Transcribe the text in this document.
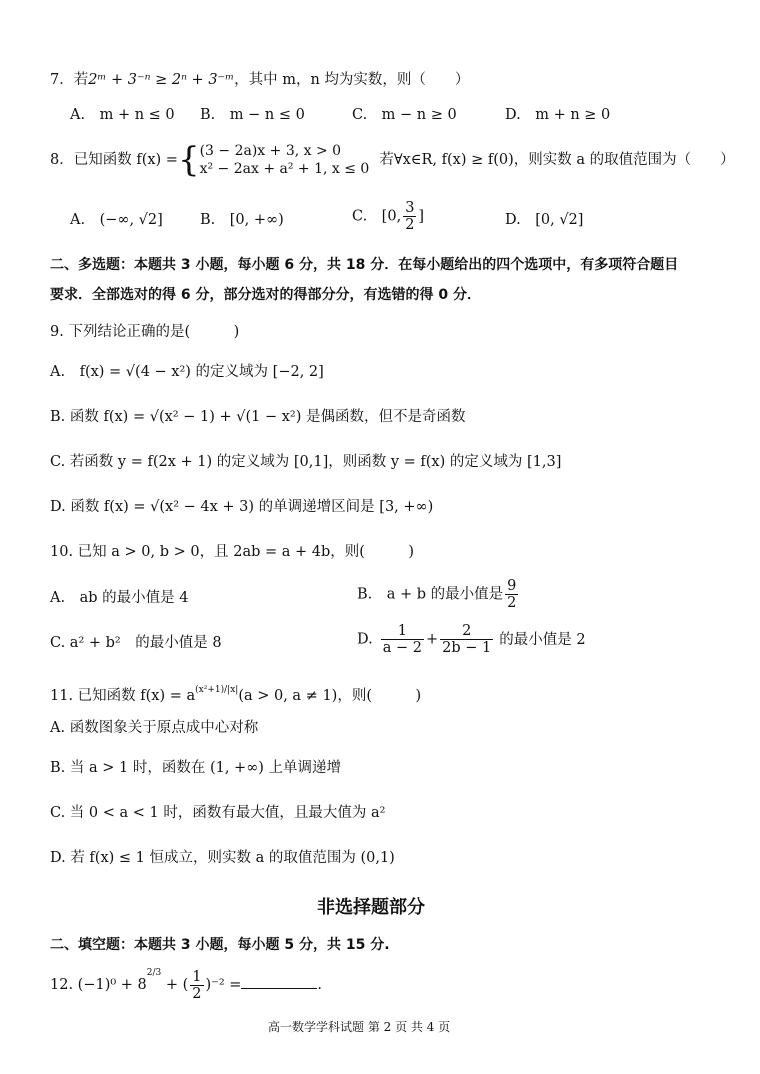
7．若2ᵐ + 3⁻ⁿ ≥ 2ⁿ + 3⁻ᵐ，其中 m，n 均为实数，则（　　）
A.　m + n ≤ 0 B.　m − n ≤ 0	C.　m − n ≥ 0	D.　m + n ≥ 0
8．已知函数 f(x) ={ (3 − 2a)x + 3, x > 0
x² − 2ax + a² + 1, x ≤ 0
若∀x∈R, f(x) ≥ f(0)，则实数 a 的取值范围为（　　）
A.　(−∞, √2]	B.　[0, +∞)	C.　[0, $\frac{3}{2}$ ]	D.　[0, √2]
二、多选题：本题共 3 小题，每小题 6 分，共 18 分．在每小题给出的四个选项中，有多项符合题目
要求．全部选对的得 6 分，部分选对的得部分分，有选错的得 0 分．
9. 下列结论正确的是(　　　)
A.　f(x) = √(4 − x²) 的定义域为 [−2, 2]
B. 函数 f(x) = √(x² − 1) + √(1 − x²) 是偶函数，但不是奇函数
C. 若函数 y = f(2x + 1) 的定义域为 [0,1]，则函数 y = f(x) 的定义域为 [1,3]
D. 函数 f(x) = √(x² − 4x + 3) 的单调递增区间是 [3, +∞)
10. 已知 a > 0, b > 0，且 2ab = a + 4b，则(　　　)
A.　ab 的最小值是 4	B.　a + b 的最小值是 $\frac{9}{2}$
C. a² + b²　的最小值是 8	D. $\frac{1}{a - 2} + \frac{2}{2b - 1}$ 的最小值是 2
11. 已知函数 $f(x) = a^{(x^2+1)/|x|}(a > 0$, a ≠ 1)，则(　　　)
A. 函数图象关于原点成中心对称
B. 当 a > 1 时，函数在 (1, +∞) 上单调递增
C. 当 0 < a < 1 时，函数有最大值，且最大值为 a²
D. 若 f(x) ≤ 1 恒成立，则实数 a 的取值范围为 (0,1)
非选择题部分
二、填空题：本题共 3 小题，每小题 5 分，共 15 分.
12. $(-1)^0 + 8^{2/3}$ + ( $\frac{1}{2} )^{-2}$ =	.
高一数学学科试题 第 2 页 共 4 页
